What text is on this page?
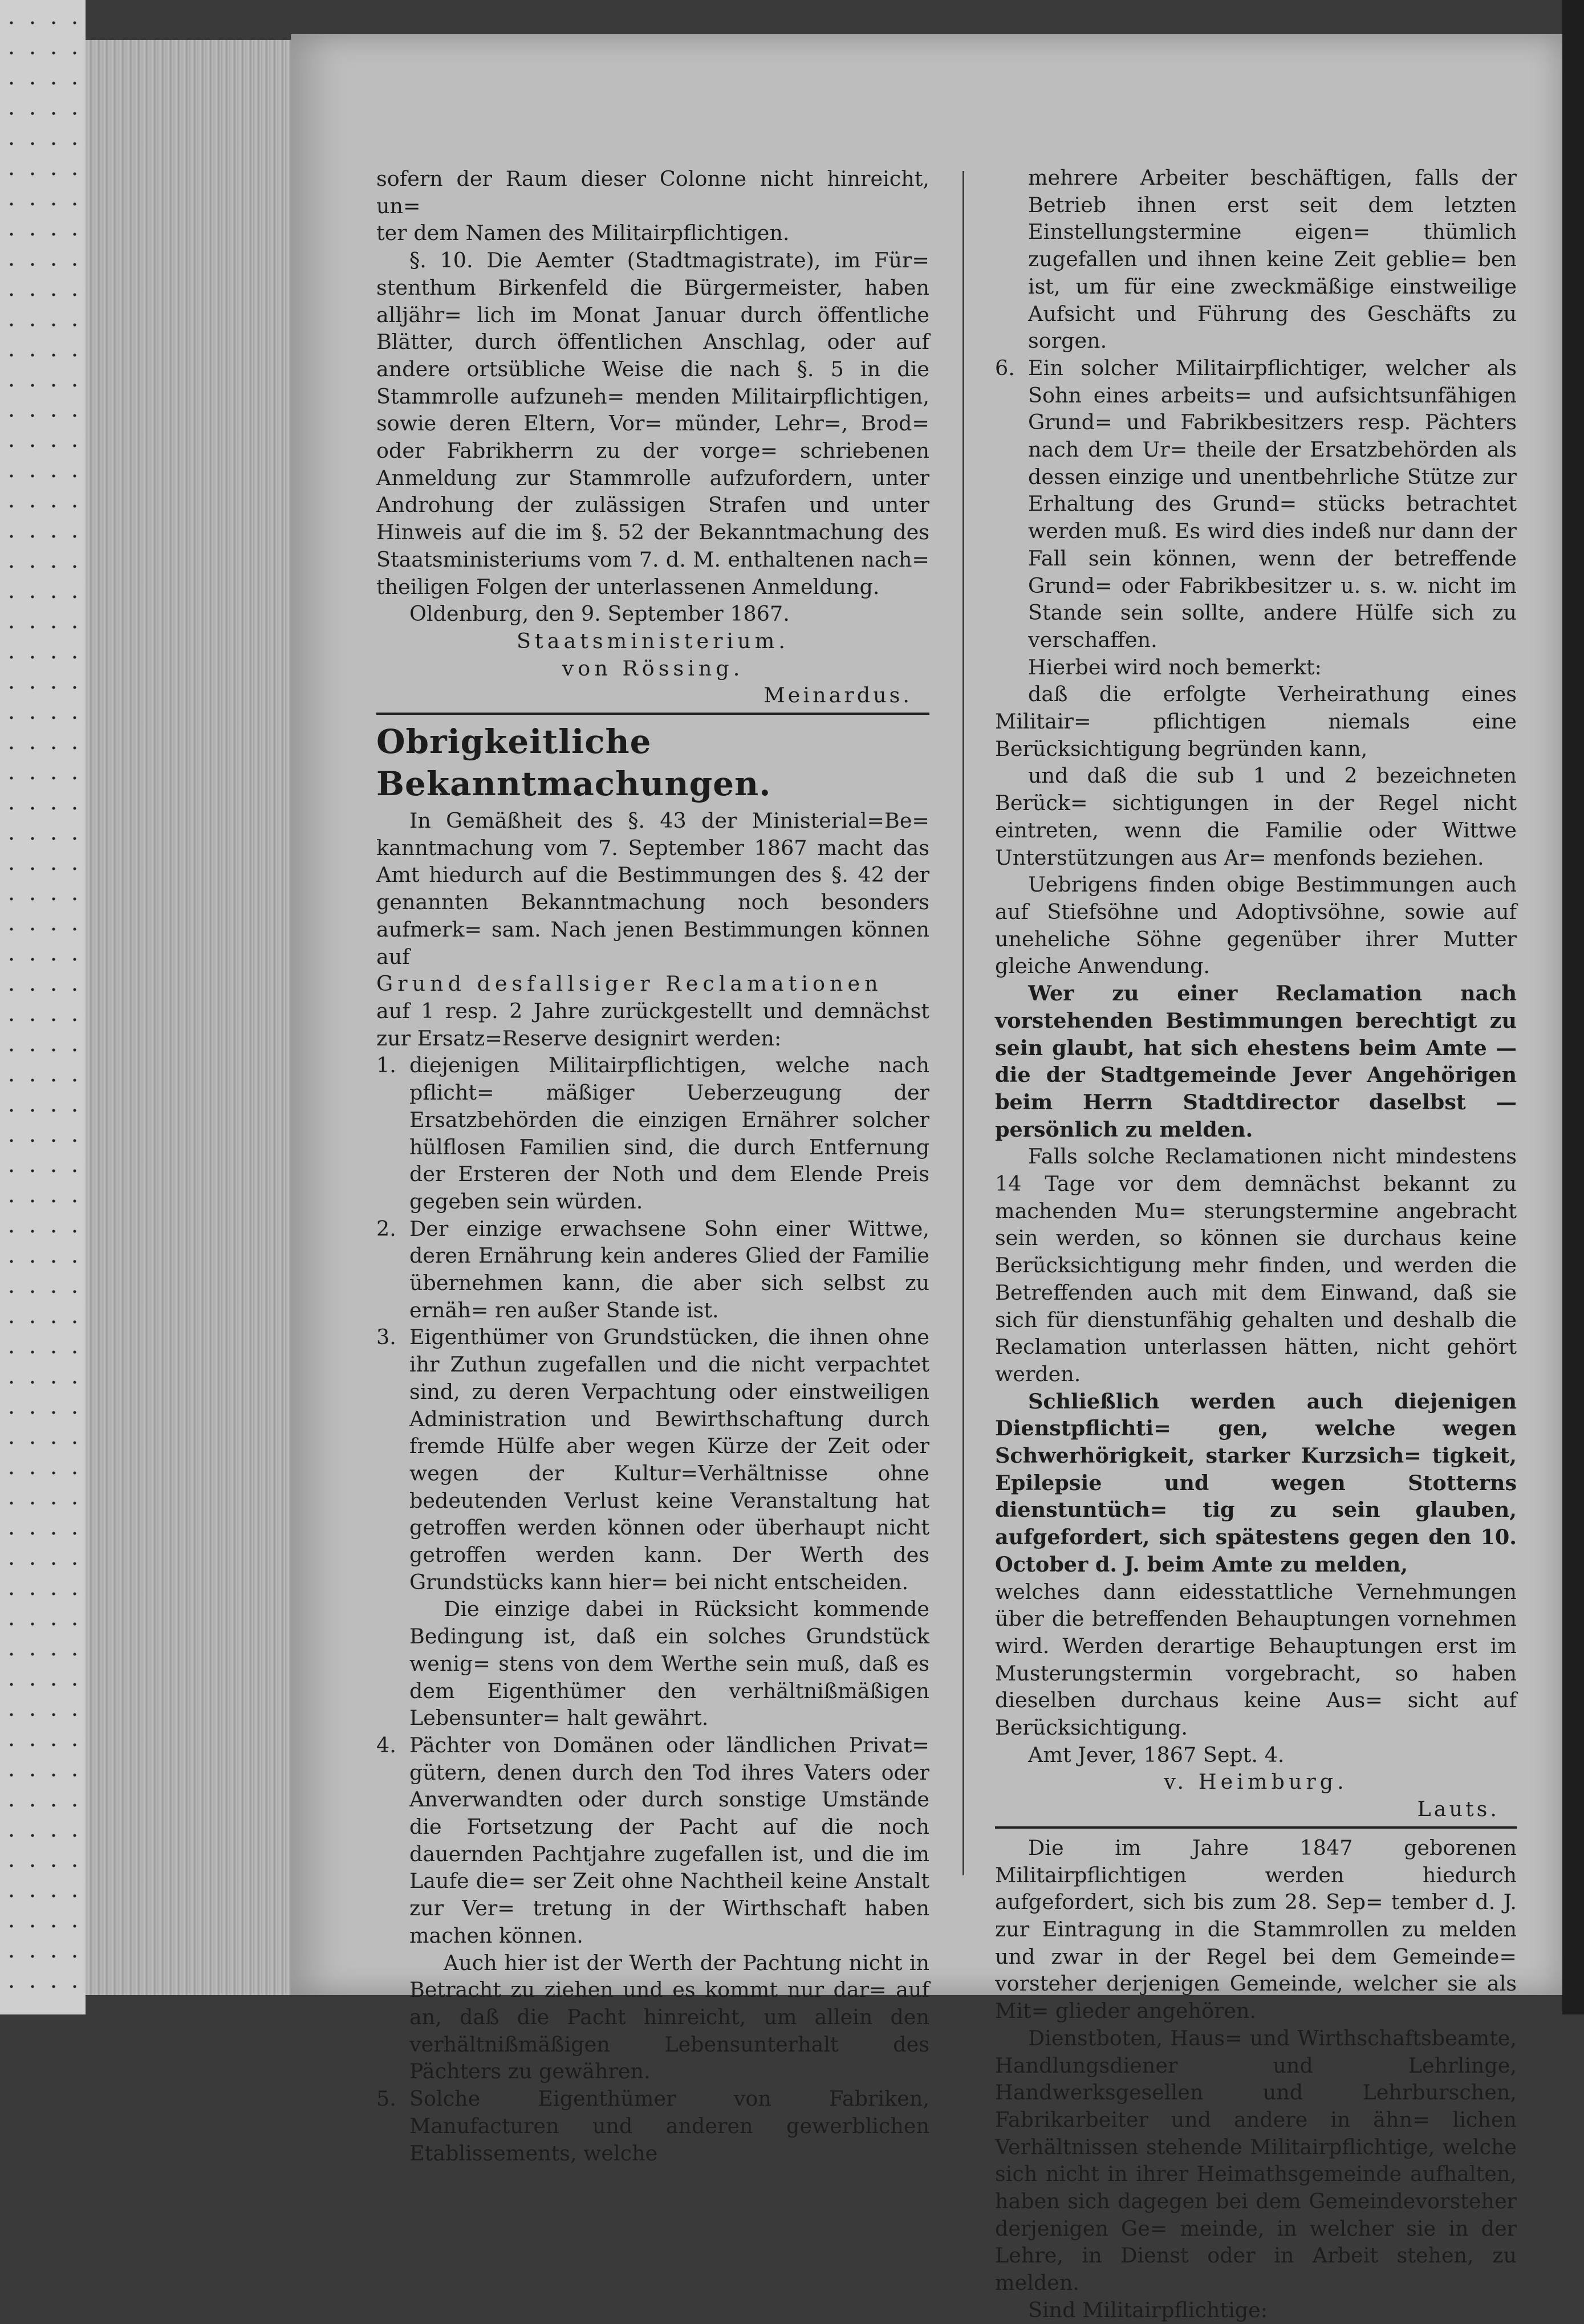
sofern der Raum dieser Colonne nicht hinreicht, un=

ter dem Namen des Militairpflichtigen.

§. 10. Die Aemter (Stadtmagistrate), im Für= stenthum Birkenfeld die Bürgermeister, haben alljähr= lich im Monat Januar durch öffentliche Blätter, durch öffentlichen Anschlag, oder auf andere ortsübliche Weise die nach §. 5 in die Stammrolle aufzuneh= menden Militairpflichtigen, sowie deren Eltern, Vor= münder, Lehr=, Brod= oder Fabrikherrn zu der vorge= schriebenen Anmeldung zur Stammrolle aufzufordern, unter Androhung der zulässigen Strafen und unter Hinweis auf die im §. 52 der Bekanntmachung des Staatsministeriums vom 7. d. M. enthaltenen nach= theiligen Folgen der unterlassenen Anmeldung.

Oldenburg, den 9. September 1867.

Staatsministerium.

von Rössing.

Meinardus.

Obrigkeitliche Bekanntmachungen.

In Gemäßheit des §. 43 der Ministerial=Be= kanntmachung vom 7. September 1867 macht das Amt hiedurch auf die Bestimmungen des §. 42 der genannten Bekanntmachung noch besonders aufmerk= sam. Nach jenen Bestimmungen können auf

Grund desfallsiger Reclamationen

auf 1 resp. 2 Jahre zurückgestellt und demnächst zur Ersatz=Reserve designirt werden:

1. diejenigen Militairpflichtigen, welche nach pflicht= mäßiger Ueberzeugung der Ersatzbehörden die einzigen Ernährer solcher hülflosen Familien sind, die durch Entfernung der Ersteren der Noth und dem Elende Preis gegeben sein würden.
2. Der einzige erwachsene Sohn einer Wittwe, deren Ernährung kein anderes Glied der Familie übernehmen kann, die aber sich selbst zu ernäh= ren außer Stande ist.
3. Eigenthümer von Grundstücken, die ihnen ohne ihr Zuthun zugefallen und die nicht verpachtet sind, zu deren Verpachtung oder einstweiligen Administration und Bewirthschaftung durch fremde Hülfe aber wegen Kürze der Zeit oder wegen der Kultur=Verhältnisse ohne bedeutenden Verlust keine Veranstaltung hat getroffen werden können oder überhaupt nicht getroffen werden kann. Der Werth des Grundstücks kann hier= bei nicht entscheiden.

Die einzige dabei in Rücksicht kommende Bedingung ist, daß ein solches Grundstück wenig= stens von dem Werthe sein muß, daß es dem Eigenthümer den verhältnißmäßigen Lebensunter= halt gewährt.

4. Pächter von Domänen oder ländlichen Privat= gütern, denen durch den Tod ihres Vaters oder Anverwandten oder durch sonstige Umstände die Fortsetzung der Pacht auf die noch dauernden Pachtjahre zugefallen ist, und die im Laufe die= ser Zeit ohne Nachtheil keine Anstalt zur Ver= tretung in der Wirthschaft haben machen können.

Auch hier ist der Werth der Pachtung nicht in Betracht zu ziehen und es kommt nur dar= auf an, daß die Pacht hinreicht, um allein den verhältnißmäßigen Lebensunterhalt des Pächters zu gewähren.

5. Solche Eigenthümer von Fabriken, Manufacturen und anderen gewerblichen Etablissements, welche

mehrere Arbeiter beschäftigen, falls der Betrieb ihnen erst seit dem letzten Einstellungstermine eigen= thümlich zugefallen und ihnen keine Zeit geblie= ben ist, um für eine zweckmäßige einstweilige Aufsicht und Führung des Geschäfts zu sorgen.

6. Ein solcher Militairpflichtiger, welcher als Sohn eines arbeits= und aufsichtsunfähigen Grund= und Fabrikbesitzers resp. Pächters nach dem Ur= theile der Ersatzbehörden als dessen einzige und unentbehrliche Stütze zur Erhaltung des Grund= stücks betrachtet werden muß. Es wird dies indeß nur dann der Fall sein können, wenn der betreffende Grund= oder Fabrikbesitzer u. s. w. nicht im Stande sein sollte, andere Hülfe sich zu verschaffen.

Hierbei wird noch bemerkt:

daß die erfolgte Verheirathung eines Militair= pflichtigen niemals eine Berücksichtigung begründen kann,

und daß die sub 1 und 2 bezeichneten Berück= sichtigungen in der Regel nicht eintreten, wenn die Familie oder Wittwe Unterstützungen aus Ar= menfonds beziehen.

Uebrigens finden obige Bestimmungen auch auf Stiefsöhne und Adoptivsöhne, sowie auf uneheliche Söhne gegenüber ihrer Mutter gleiche Anwendung.

Wer zu einer Reclamation nach vorstehenden Bestimmungen berechtigt zu sein glaubt, hat sich ehestens beim Amte — die der Stadtgemeinde Jever Angehörigen beim Herrn Stadtdirector daselbst — persönlich zu melden.

Falls solche Reclamationen nicht mindestens 14 Tage vor dem demnächst bekannt zu machenden Mu= sterungstermine angebracht sein werden, so können sie durchaus keine Berücksichtigung mehr finden, und werden die Betreffenden auch mit dem Einwand, daß sie sich für dienstunfähig gehalten und deshalb die Reclamation unterlassen hätten, nicht gehört werden.

Schließlich werden auch diejenigen Dienstpflichti= gen, welche wegen Schwerhörigkeit, starker Kurzsich= tigkeit, Epilepsie und wegen Stotterns dienstuntüch= tig zu sein glauben, aufgefordert, sich spätestens gegen den 10. October d. J. beim Amte zu melden,

welches dann eidesstattliche Vernehmungen über die betreffenden Behauptungen vornehmen wird. Werden derartige Behauptungen erst im Musterungstermin vorgebracht, so haben dieselben durchaus keine Aus= sicht auf Berücksichtigung.

Amt Jever, 1867 Sept. 4.

v. Heimburg.

Lauts.

Die im Jahre 1847 geborenen Militairpflichtigen werden hiedurch aufgefordert, sich bis zum 28. Sep= tember d. J. zur Eintragung in die Stammrollen zu melden und zwar in der Regel bei dem Gemeinde= vorsteher derjenigen Gemeinde, welcher sie als Mit= glieder angehören.

Dienstboten, Haus= und Wirthschaftsbeamte, Handlungsdiener und Lehrlinge, Handwerksgesellen und Lehrburschen, Fabrikarbeiter und andere in ähn= lichen Verhältnissen stehende Militairpflichtige, welche sich nicht in ihrer Heimathsgemeinde aufhalten, haben sich dagegen bei dem Gemeindevorsteher derjenigen Ge= meinde, in welcher sie in der Lehre, in Dienst oder in Arbeit stehen, zu melden.

Sind Militairpflichtige:
